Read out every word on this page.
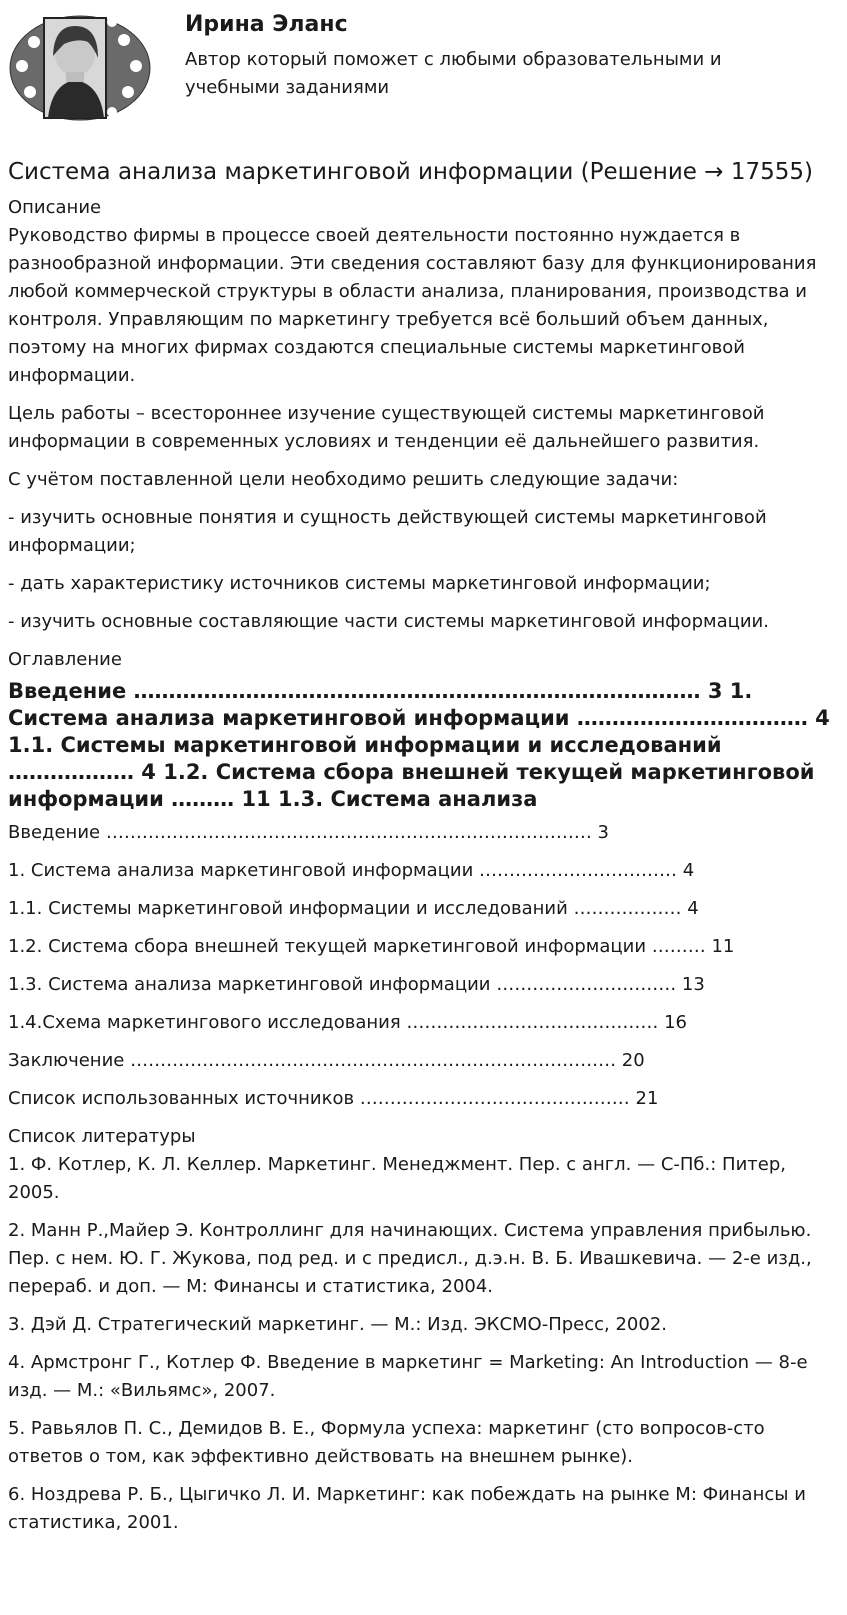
Ирина Эланс
Автор который поможет с любыми образовательными и учебными заданиями
Система анализа маркетинговой информации (Решение → 17555)
Описание

Руководство фирмы в процессе своей деятельности постоянно нуждается в разнообразной информации. Эти сведения составляют базу для функционирования любой коммерческой структуры в области анализа, планирования, производства и контроля. Управляющим по маркетингу требуется всё больший объем данных, поэтому на многих фирмах создаются специальные системы маркетинговой информации.

Цель работы – всестороннее изучение существующей системы маркетинговой информации в современных условиях и тенденции её дальнейшего развития.

С учётом поставленной цели необходимо решить следующие задачи:

- изучить основные понятия и сущность действующей системы маркетинговой информации;

- дать характеристику источников системы маркетинговой информации;

- изучить основные составляющие части системы маркетинговой информации.

Оглавление
Введение ……………………………………………………………………… 3 1. Система анализа маркетинговой информации …………………………… 4 1.1. Системы маркетинговой информации и исследований ……………… 4 1.2. Система сбора внешней текущей маркетинговой информации ……… 11 1.3. Система анализа

Введение ……………………………………………………………………… 3

1. Система анализа маркетинговой информации …………………………… 4

1.1. Системы маркетинговой информации и исследований ……………… 4

1.2. Система сбора внешней текущей маркетинговой информации ……… 11

1.3. Система анализа маркетинговой информации ………………………… 13

1.4.Схема маркетингового исследования …………………………………… 16

Заключение ……………………………………………………………………… 20

Список использованных источников ……………………………………… 21

Список литературы

1. Ф. Котлер, К. Л. Келлер. Маркетинг. Менеджмент. Пер. с англ. — С-Пб.: Питер, 2005.

2. Манн Р.,Майер Э. Контроллинг для начинающих. Система управления прибылью. Пер. с нем. Ю. Г. Жукова, под ред. и с предисл., д.э.н. В. Б. Ивашкевича. — 2-е изд., перераб. и доп. — М: Финансы и статистика, 2004.

3. Дэй Д. Стратегический маркетинг. — М.: Изд. ЭКСМО-Пресс, 2002.

4. Армстронг Г., Котлер Ф. Введение в маркетинг = Marketing: An Introduction — 8-е изд. — М.: «Вильямс», 2007.

5. Равьялов П. С., Демидов В. Е., Формула успеха: маркетинг (сто вопросов-сто ответов о том, как эффективно действовать на внешнем рынке).

6. Ноздрева Р. Б., Цыгичко Л. И. Маркетинг: как побеждать на рынке М: Финансы и статистика, 2001.
